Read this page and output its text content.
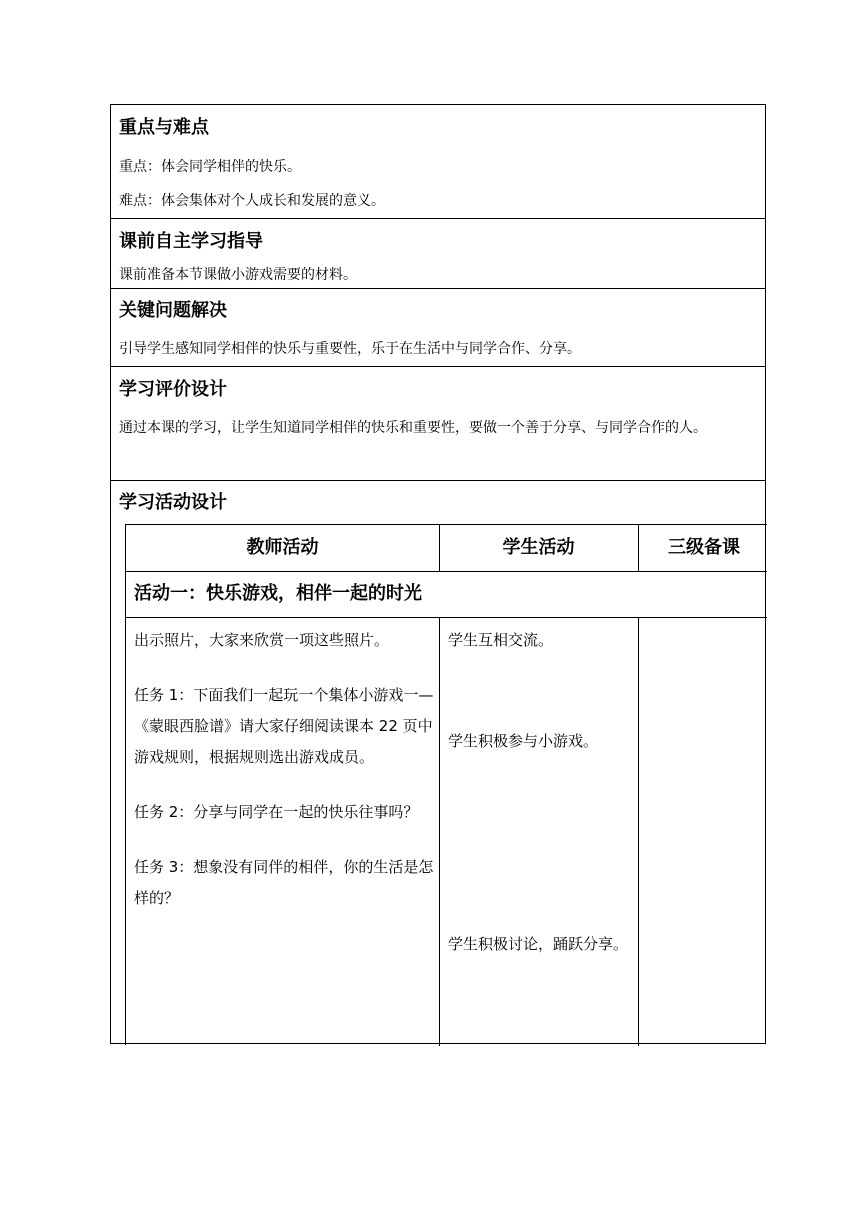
重点与难点
重点：体会同学相伴的快乐。
难点：体会集体对个人成长和发展的意义。
课前自主学习指导
课前准备本节课做小游戏需要的材料。
关键问题解决
引导学生感知同学相伴的快乐与重要性，乐于在生活中与同学合作、分享。
学习评价设计
通过本课的学习，让学生知道同学相伴的快乐和重要性，要做一个善于分享、与同学合作的人。
学习活动设计
教师活动	学生活动	三级备课
活动一：快乐游戏，相伴一起的时光

出示照片，大家来欣赏一项这些照片。

任务 1：下面我们一起玩一个集体小游戏一—《蒙眼西脸谱》请大家仔细阅读课本 22 页中游戏规则，根据规则选出游戏成员。

任务 2：分享与同学在一起的快乐往事吗？

任务 3：想象没有同伴的相伴，你的生活是怎样的？

学生互相交流。
学生积极参与小游戏。
学生积极讨论，踊跃分享。
